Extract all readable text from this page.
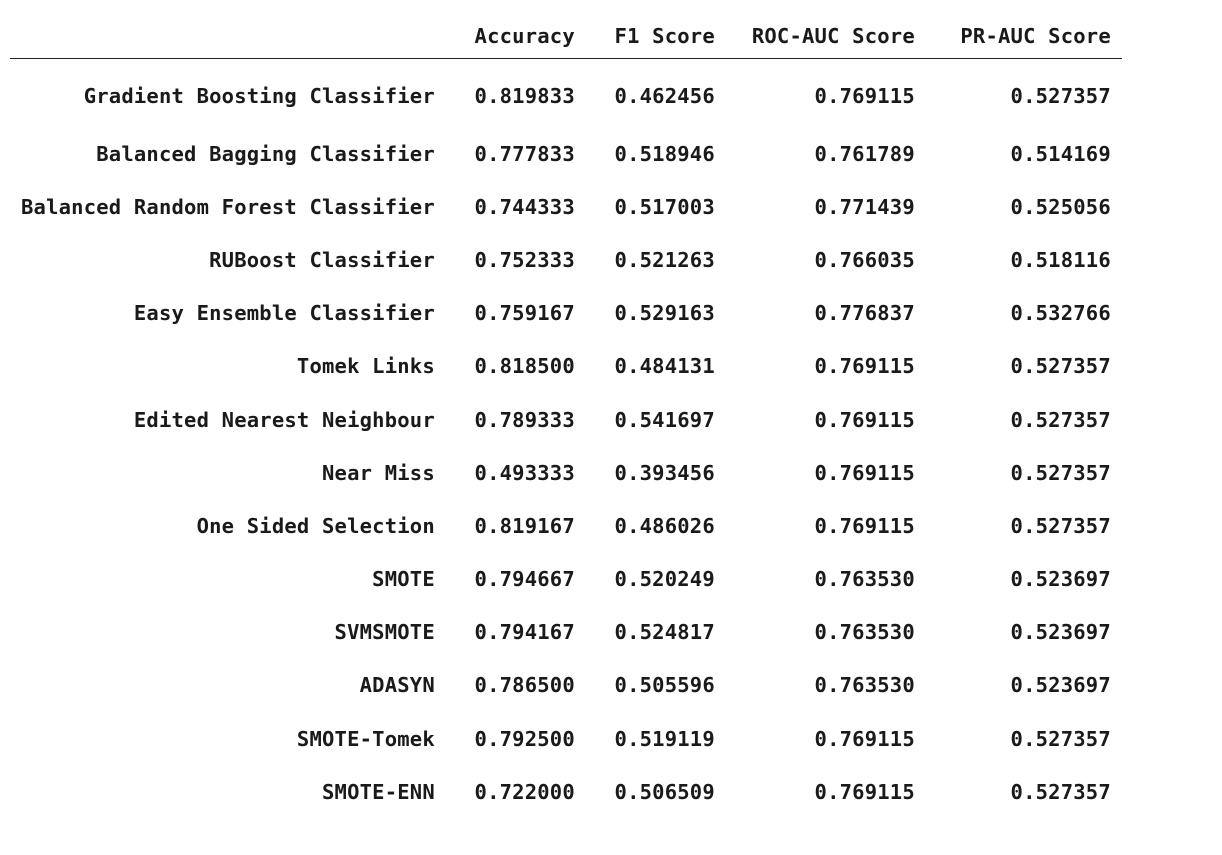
	Accuracy	F1 Score	ROC-AUC Score	PR-AUC Score
Gradient Boosting Classifier	0.819833	0.462456	0.769115	0.527357
Balanced Bagging Classifier	0.777833	0.518946	0.761789	0.514169
Balanced Random Forest Classifier	0.744333	0.517003	0.771439	0.525056
RUBoost Classifier	0.752333	0.521263	0.766035	0.518116
Easy Ensemble Classifier	0.759167	0.529163	0.776837	0.532766
Tomek Links	0.818500	0.484131	0.769115	0.527357
Edited Nearest Neighbour	0.789333	0.541697	0.769115	0.527357
Near Miss	0.493333	0.393456	0.769115	0.527357
One Sided Selection	0.819167	0.486026	0.769115	0.527357
SMOTE	0.794667	0.520249	0.763530	0.523697
SVMSMOTE	0.794167	0.524817	0.763530	0.523697
ADASYN	0.786500	0.505596	0.763530	0.523697
SMOTE-Tomek	0.792500	0.519119	0.769115	0.527357
SMOTE-ENN	0.722000	0.506509	0.769115	0.527357
